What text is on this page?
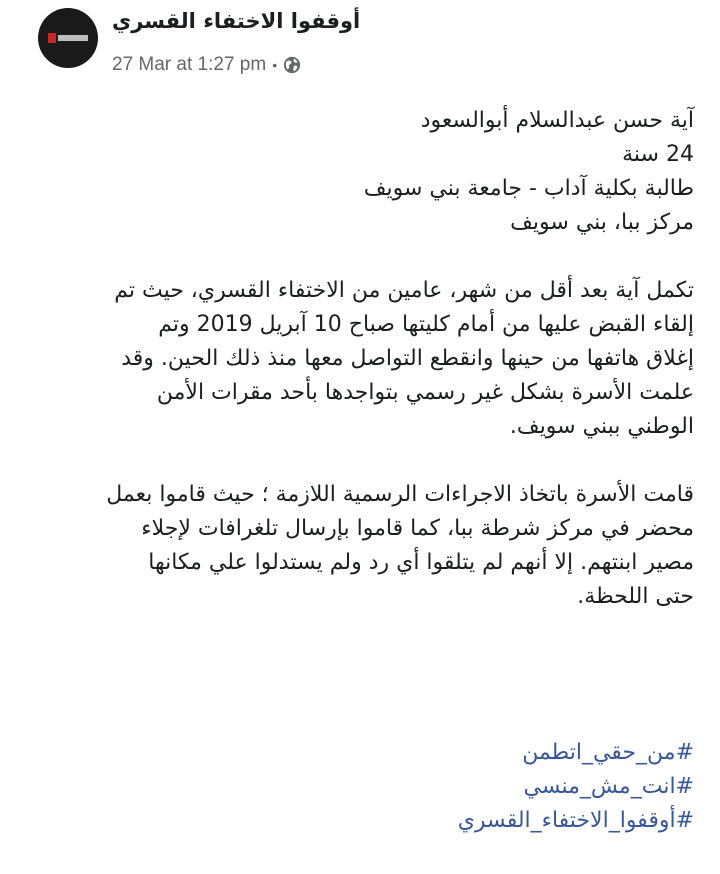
أوقفوا الاختفاء القسري
27 Mar at 1:27 pm •
آية حسن عبدالسلام أبوالسعود
24 سنة
طالبة بكلية آداب - جامعة بني سويف
مركز ببا، بني سويف
تكمل آية بعد أقل من شهر، عامين من الاختفاء القسري، حيث تم
إلقاء القبض عليها من أمام كليتها صباح 10 آبريل 2019 وتم
إغلاق هاتفها من حينها وانقطع التواصل معها منذ ذلك الحين. وقد
علمت الأسرة بشكل غير رسمي بتواجدها بأحد مقرات الأمن
الوطني ببني سويف.
قامت الأسرة باتخاذ الاجراءات الرسمية اللازمة ؛ حيث قاموا بعمل
محضر في مركز شرطة ببا، كما قاموا بإرسال تلغرافات لإجلاء
مصير ابنتهم. إلا أنهم لم يتلقوا أي رد ولم يستدلوا علي مكانها
حتى اللحظة.
#من_حقي_اتطمن
#انت_مش_منسي
#أوقفوا_الاختفاء_القسري
